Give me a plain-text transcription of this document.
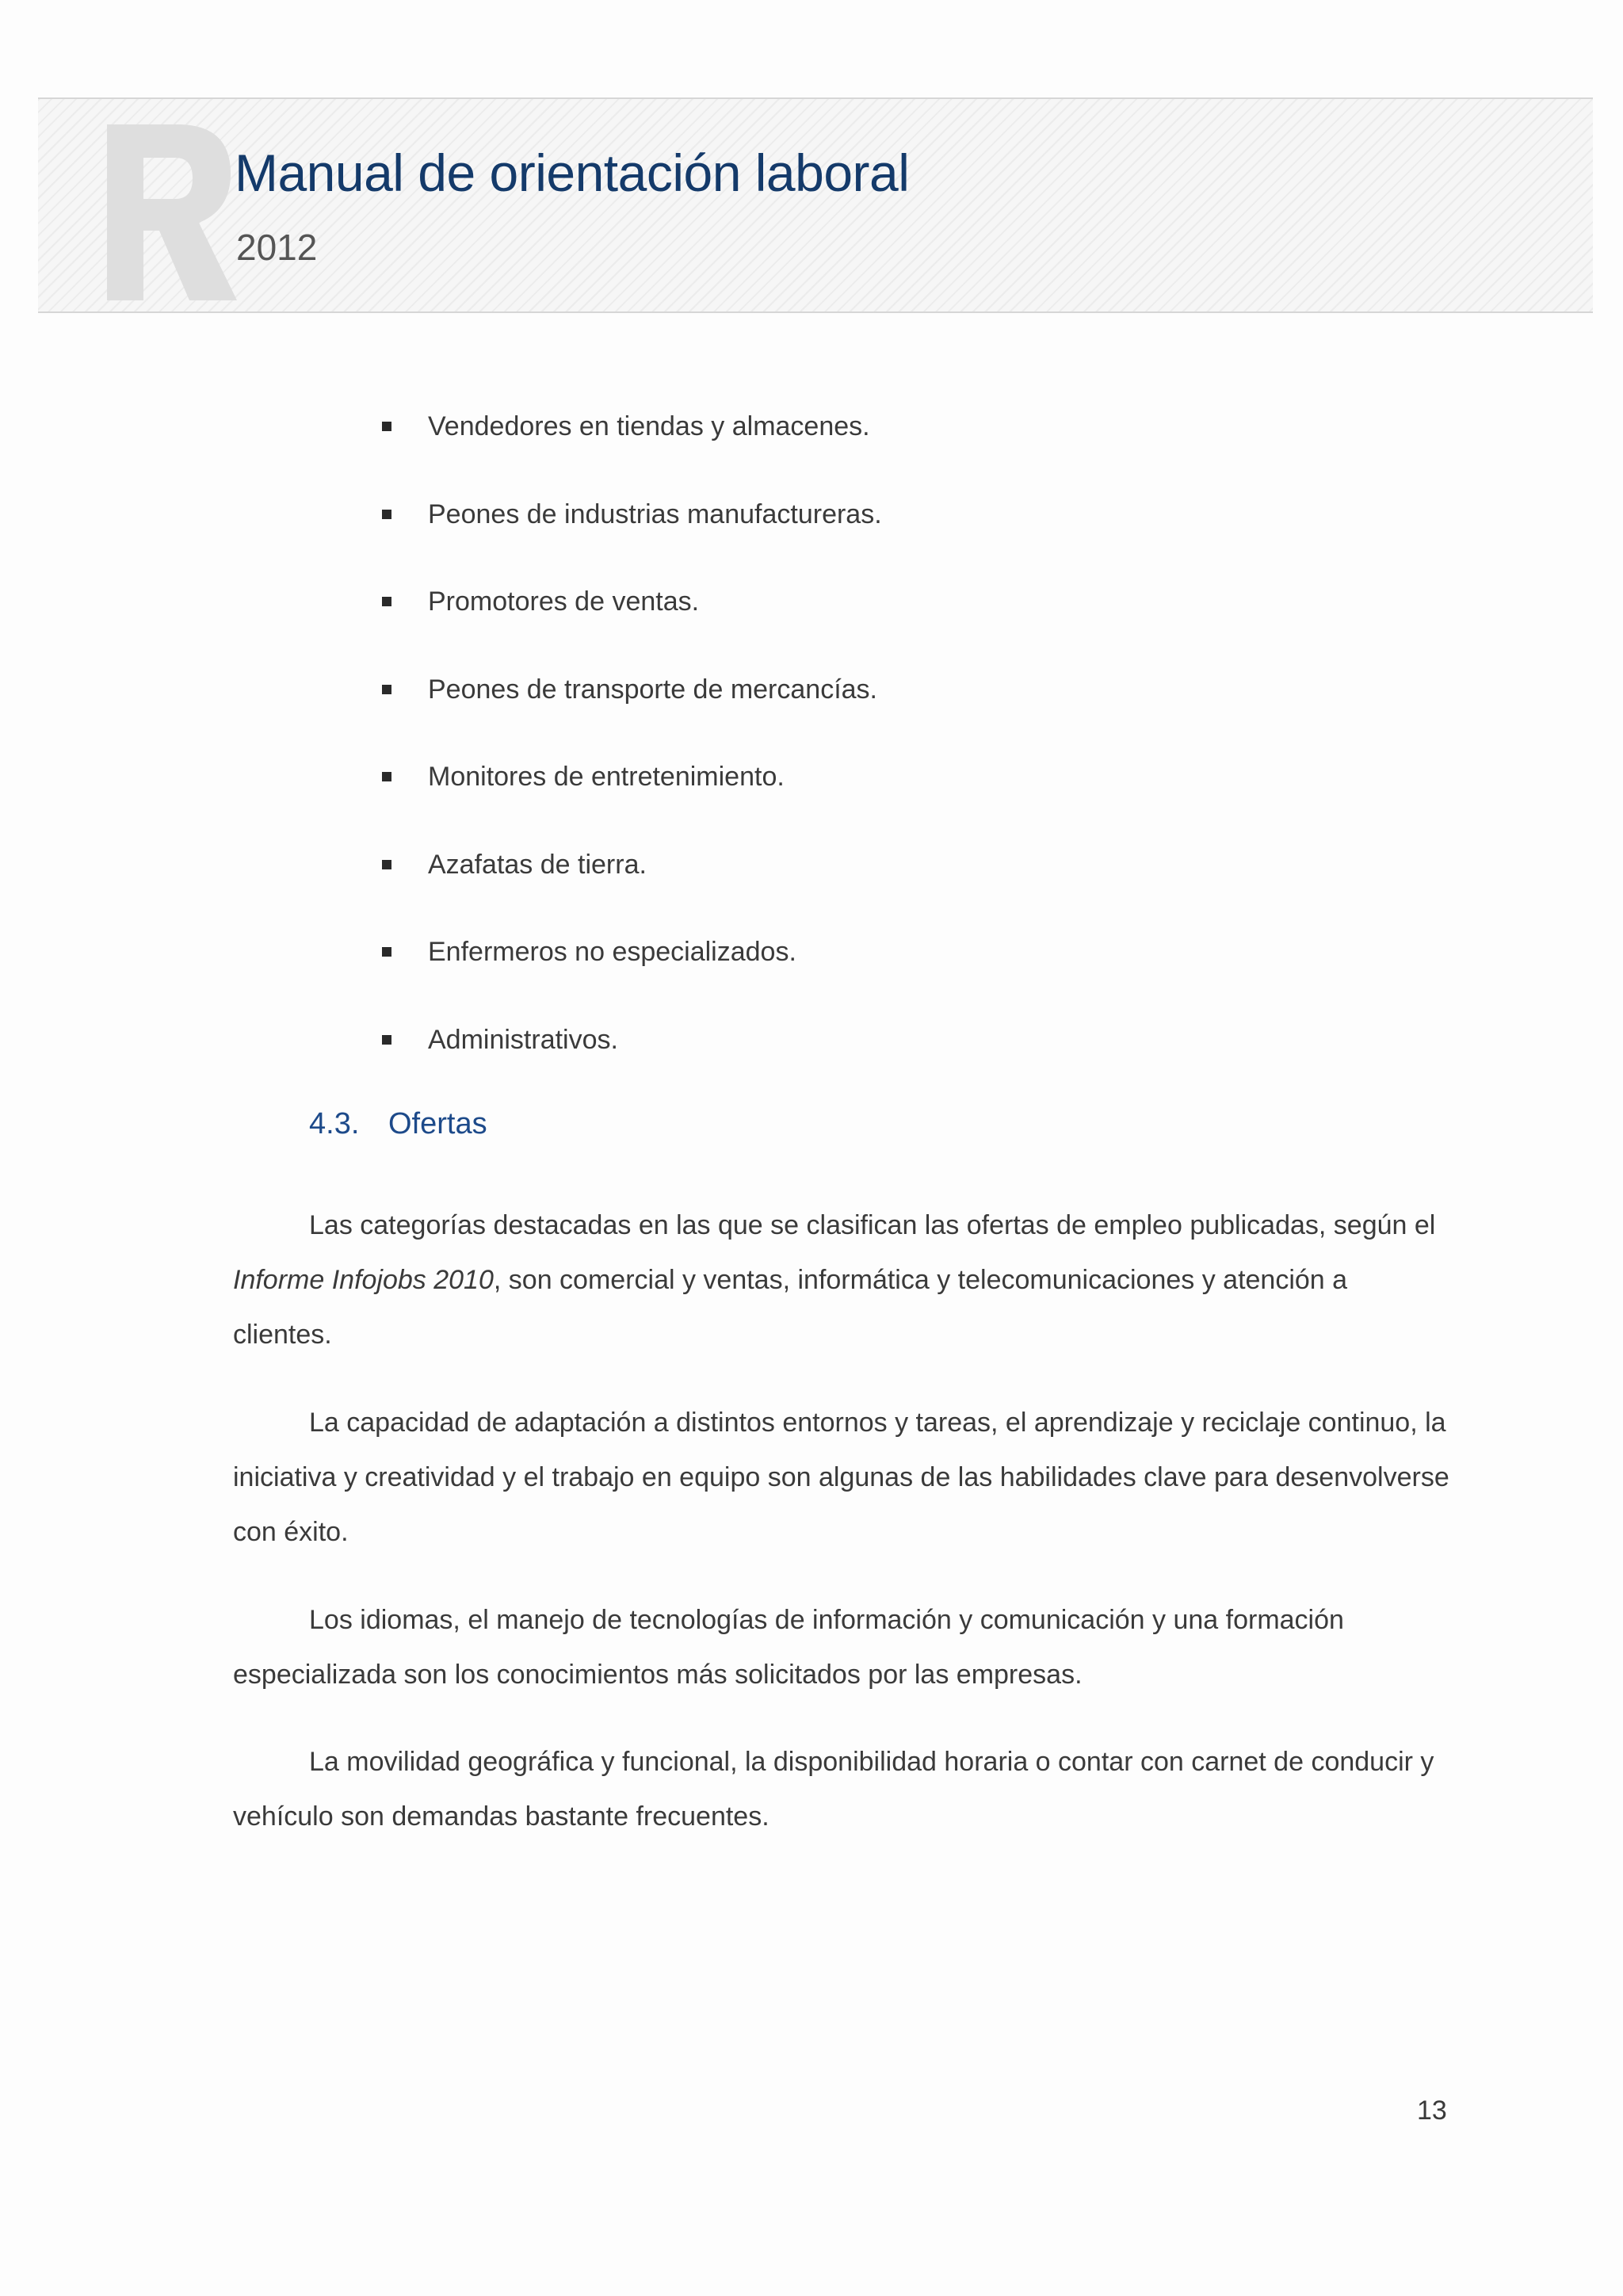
Manual de orientación laboral
2012
Vendedores en tiendas y almacenes.
Peones de industrias manufactureras.
Promotores de ventas.
Peones de transporte de mercancías.
Monitores de entretenimiento.
Azafatas de tierra.
Enfermeros no especializados.
Administrativos.
4.3. Ofertas

Las categorías destacadas en las que se clasifican las ofertas de empleo publicadas, según el Informe Infojobs 2010, son comercial y ventas, informática y telecomunicaciones y atención a clientes.

La capacidad de adaptación a distintos entornos y tareas, el aprendizaje y reciclaje continuo, la iniciativa y creatividad y el trabajo en equipo son algunas de las habilidades clave para desenvolverse con éxito.

Los idiomas, el manejo de tecnologías de información y comunicación y una formación especializada son los conocimientos más solicitados por las empresas.

La movilidad geográfica y funcional, la disponibilidad horaria o contar con carnet de conducir y vehículo son demandas bastante frecuentes.

13
